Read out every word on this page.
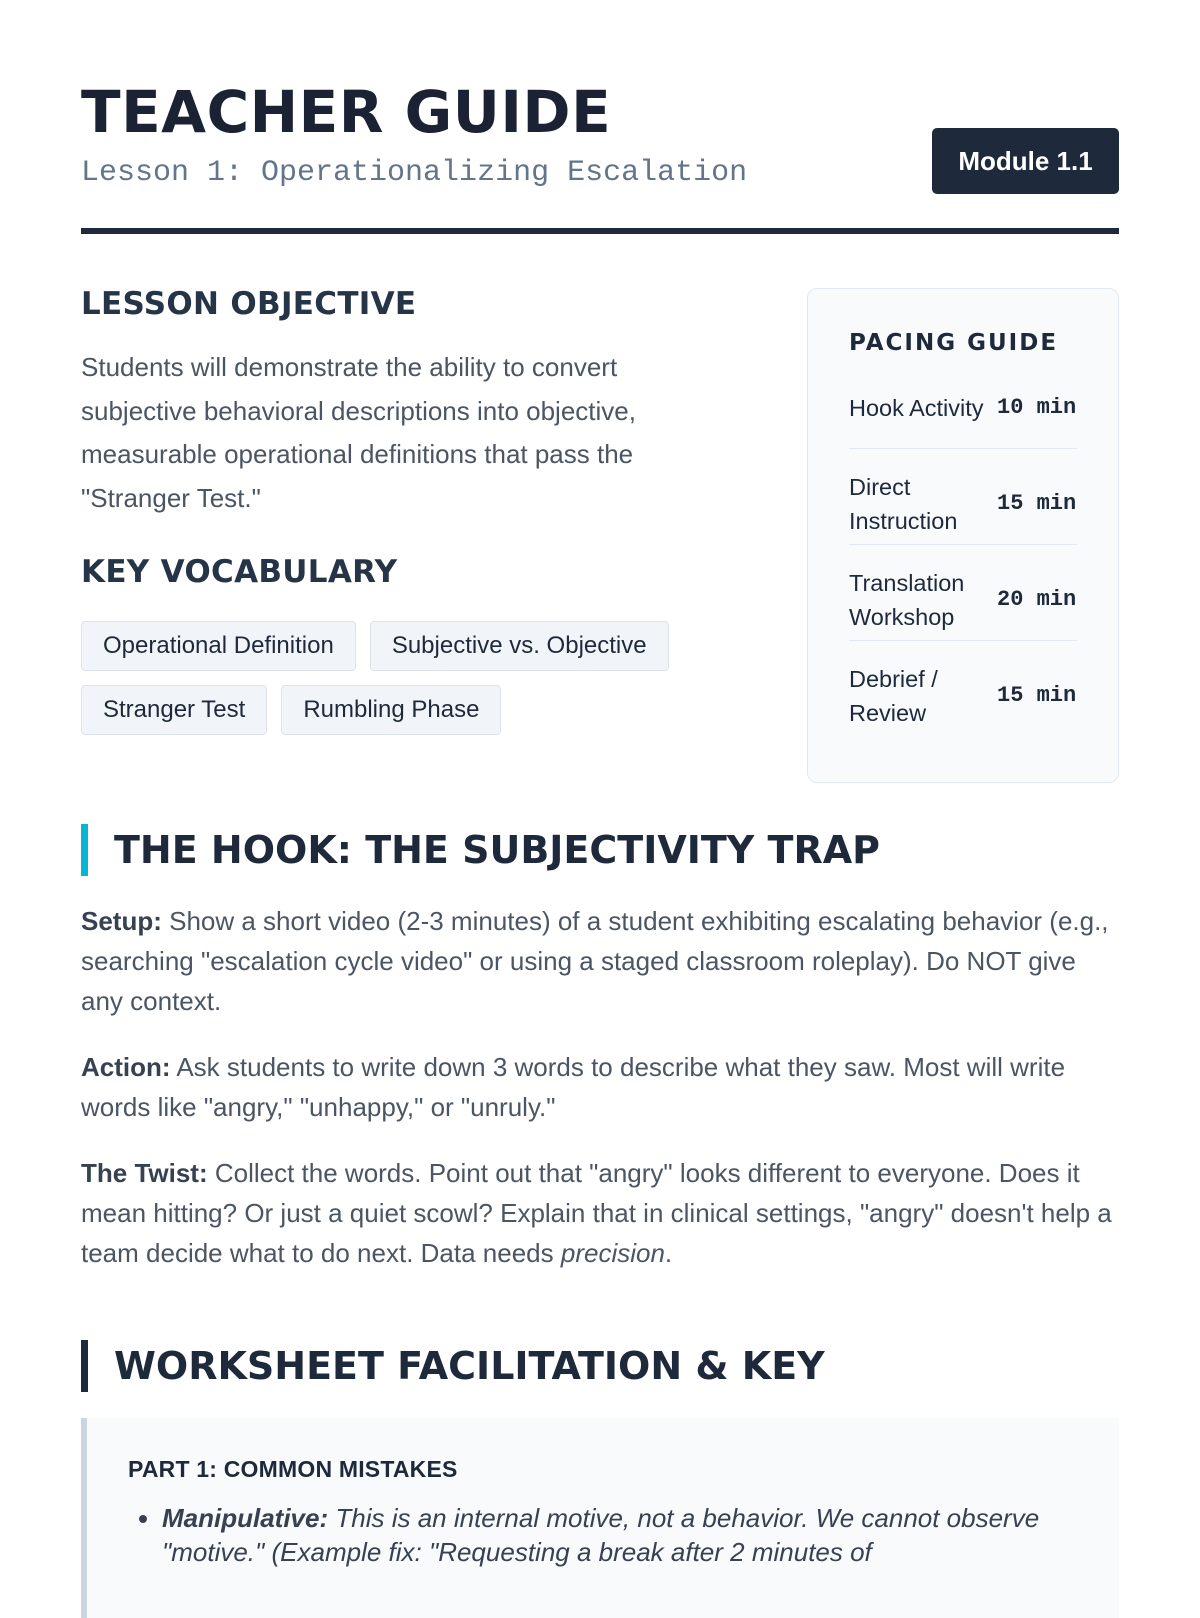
TEACHER GUIDE
Lesson 1: Operationalizing Escalation	Module 1.1
LESSON OBJECTIVE

Students will demonstrate the ability to convert subjective behavioral descriptions into objective, measurable operational definitions that pass the "Stranger Test."

KEY VOCABULARY
Operational Definition	Subjective vs. Objective
Stranger Test	Rumbling Phase
PACING GUIDE
Hook Activity 10 min
Direct Instruction
15 min
Translation Workshop
20 min
Debrief / Review
15 min
THE HOOK: THE SUBJECTIVITY TRAP

Setup: Show a short video (2-3 minutes) of a student exhibiting escalating behavior (e.g., searching "escalation cycle video" or using a staged classroom roleplay). Do NOT give any context.

Action: Ask students to write down 3 words to describe what they saw. Most will write words like "angry," "unhappy," or "unruly."

The Twist: Collect the words. Point out that "angry" looks different to everyone. Does it mean hitting? Or just a quiet scowl? Explain that in clinical settings, "angry" doesn't help a team decide what to do next. Data needs precision.

WORKSHEET FACILITATION & KEY
PART 1: COMMON MISTAKES
• Manipulative: This is an internal motive, not a behavior. We cannot observe "motive." (Example fix: "Requesting a break after 2 minutes of
